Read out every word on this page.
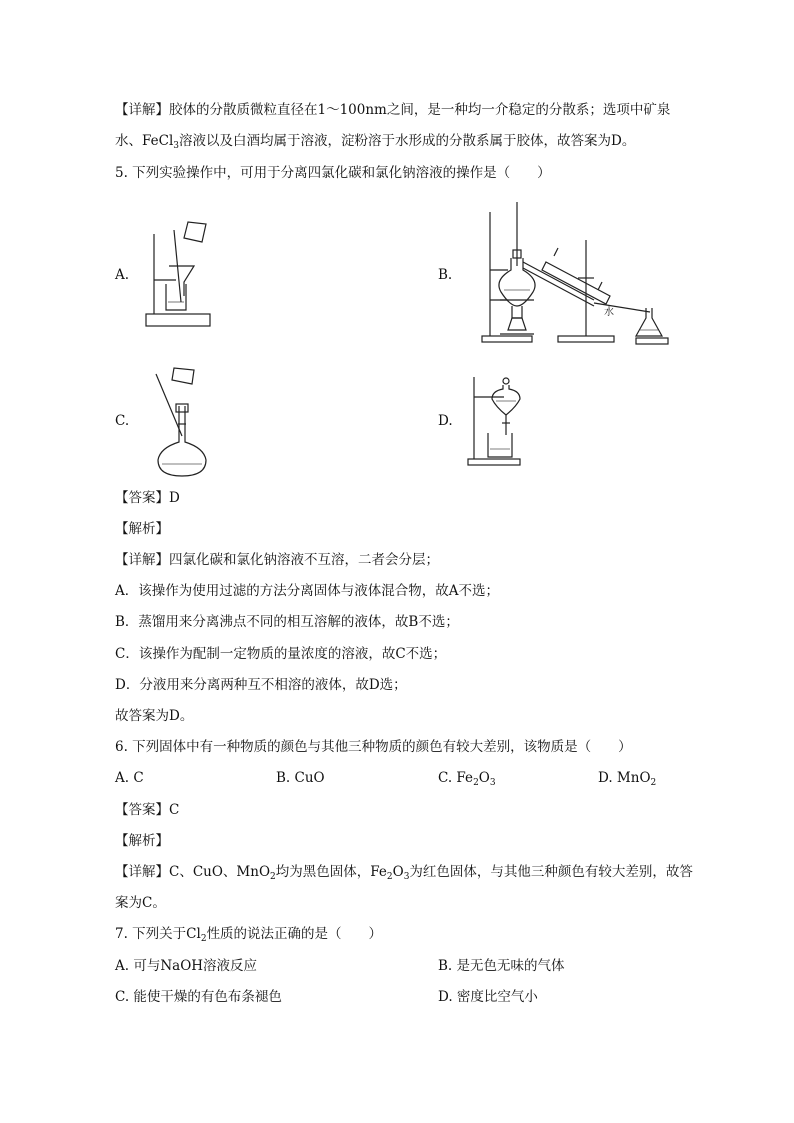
【详解】胶体的分散质微粒直径在1～100nm之间，是一种均一介稳定的分散系；选项中矿泉
水、FeCl$_3$溶液以及白酒均属于溶液，淀粉溶于水形成的分散系属于胶体，故答案为D。
5. 下列实验操作中，可用于分离四氯化碳和氯化钠溶液的操作是（　　）
A.	B.
水
C.	D.
【答案】D
【解析】
【详解】四氯化碳和氯化钠溶液不互溶，二者会分层；
A．该操作为使用过滤的方法分离固体与液体混合物，故A不选；
B．蒸馏用来分离沸点不同的相互溶解的液体，故B不选；
C．该操作为配制一定物质的量浓度的溶液，故C不选；
D．分液用来分离两种互不相溶的液体，故D选；
故答案为D。
6. 下列固体中有一种物质的颜色与其他三种物质的颜色有较大差别，该物质是（　　）
A. C	B. CuO	C. $Fe_2O_3$	D. MnO$_2$
【答案】C
【解析】
【详解】C、CuO、MnO$_2$均为黑色固体，$Fe_2O_3$为红色固体，与其他三种颜色有较大差别，故答
案为C。
7. 下列关于$Cl_2$性质的说法正确的是（　　）
A. 可与NaOH溶液反应	B. 是无色无味的气体
C. 能使干燥的有色布条褪色	D. 密度比空气小
